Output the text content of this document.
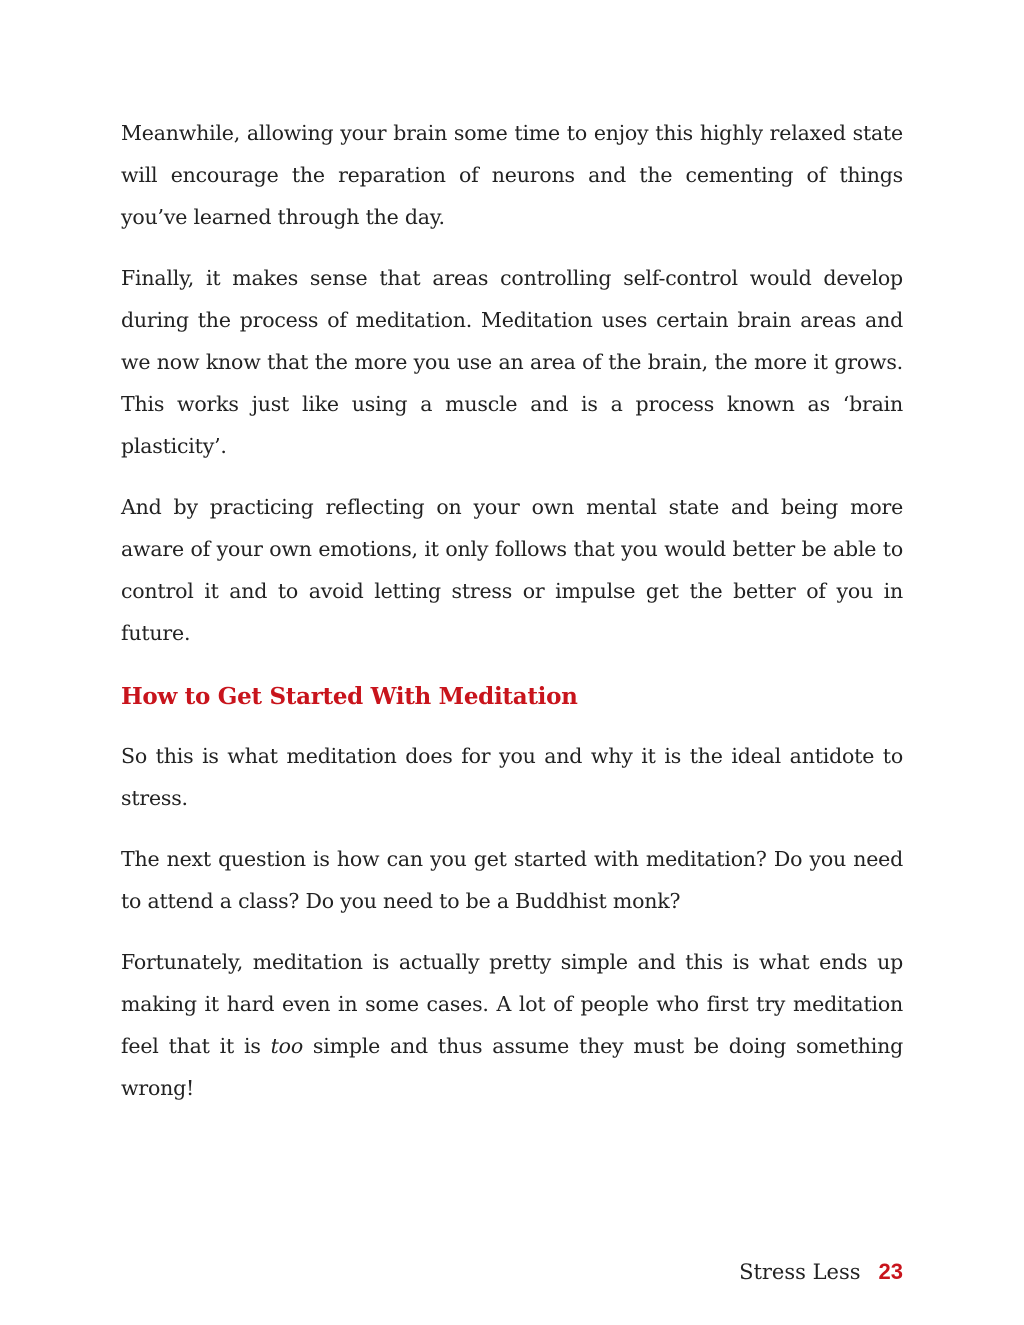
Meanwhile, allowing your brain some time to enjoy this highly relaxed state will encourage the reparation of neurons and the cementing of things you’ve learned through the day.

Finally, it makes sense that areas controlling self-control would develop during the process of meditation. Meditation uses certain brain areas and we now know that the more you use an area of the brain, the more it grows. This works just like using a muscle and is a process known as ‘brain plasticity’.

And by practicing reflecting on your own mental state and being more aware of your own emotions, it only follows that you would better be able to control it and to avoid letting stress or impulse get the better of you in future.

How to Get Started With Meditation

So this is what meditation does for you and why it is the ideal antidote to stress.

The next question is how can you get started with meditation? Do you need to attend a class? Do you need to be a Buddhist monk?

Fortunately, meditation is actually pretty simple and this is what ends up making it hard even in some cases. A lot of people who first try meditation feel that it is too simple and thus assume they must be doing something wrong!

Stress Less 23
